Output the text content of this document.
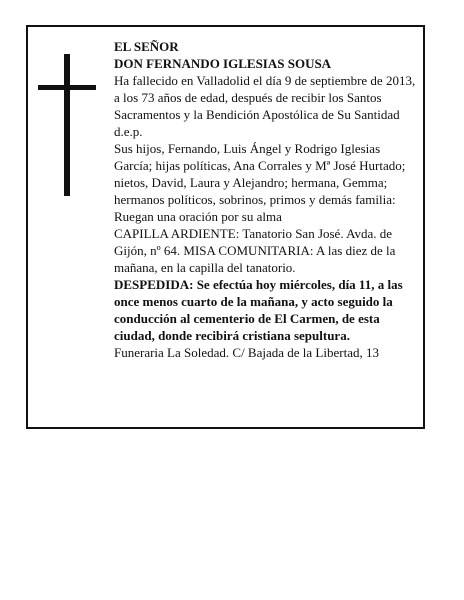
EL SEÑOR

DON FERNANDO IGLESIAS SOUSA

Ha fallecido en Valladolid el día 9 de septiembre de 2013, a los 73 años de edad, después de recibir los Santos Sacramentos y la Bendición Apostólica de Su Santidad

d.e.p.

Sus hijos, Fernando, Luis Ángel y Rodrigo Iglesias García; hijas políticas, Ana Corrales y Mª José Hurtado; nietos, David, Laura y Alejandro; hermana, Gemma; hermanos políticos, sobrinos, primos y demás familia:

Ruegan una oración por su alma

CAPILLA ARDIENTE: Tanatorio San José. Avda. de Gijón, nº 64. MISA COMUNITARIA: A las diez de la mañana, en la capilla del tanatorio.

DESPEDIDA: Se efectúa hoy miércoles, día 11, a las once menos cuarto de la mañana, y acto seguido la conducción al cementerio de El Carmen, de esta ciudad, donde recibirá cristiana sepultura.

Funeraria La Soledad. C/ Bajada de la Libertad, 13
